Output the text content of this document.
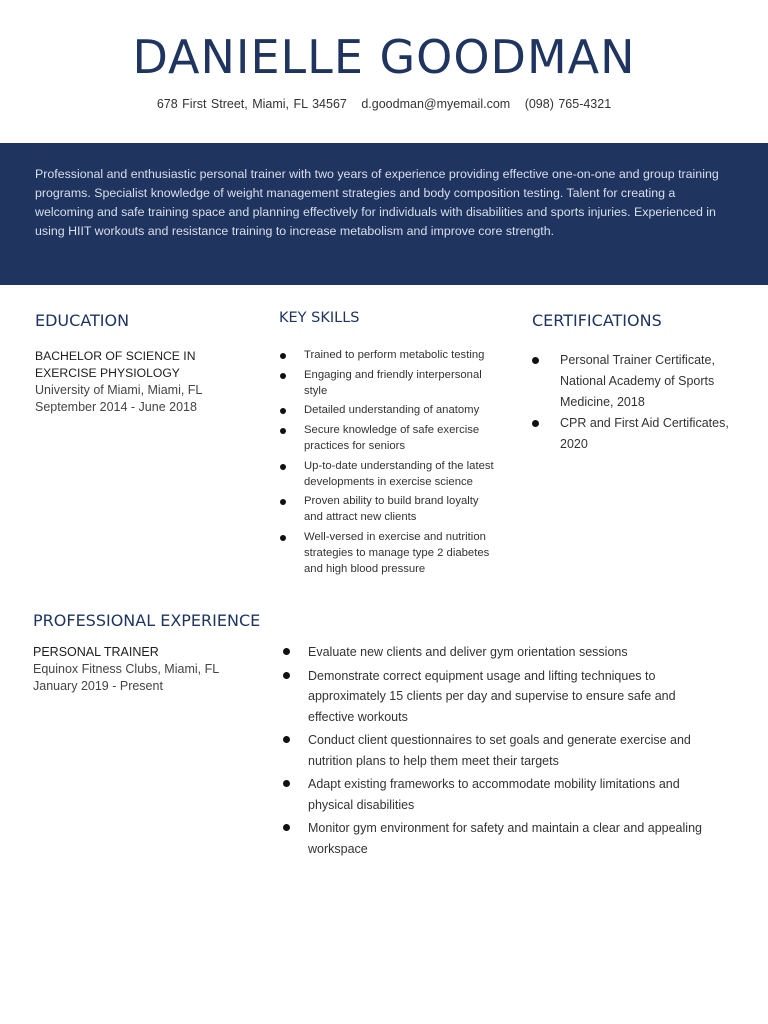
DANIELLE GOODMAN
678 First Street, Miami, FL 34567 d.goodman@myemail.com (098) 765-4321
Professional and enthusiastic personal trainer with two years of experience providing effective one-on-one and group training programs. Specialist knowledge of weight management strategies and body composition testing. Talent for creating a welcoming and safe training space and planning effectively for individuals with disabilities and sports injuries. Experienced in using HIIT workouts and resistance training to increase metabolism and improve core strength.
EDUCATION	KEY SKILLS	CERTIFICATIONS
BACHELOR OF SCIENCE IN EXERCISE PHYSIOLOGY
University of Miami, Miami, FL
September 2014 - June 2018
Trained to perform metabolic testing
Engaging and friendly interpersonal style
Detailed understanding of anatomy
Secure knowledge of safe exercise practices for seniors
Up-to-date understanding of the latest developments in exercise science
Proven ability to build brand loyalty and attract new clients
Well-versed in exercise and nutrition strategies to manage type 2 diabetes and high blood pressure
Personal Trainer Certificate, National Academy of Sports Medicine, 2018
CPR and First Aid Certificates, 2020
PROFESSIONAL EXPERIENCE
PERSONAL TRAINER
Equinox Fitness Clubs, Miami, FL
January 2019 - Present
Evaluate new clients and deliver gym orientation sessions
Demonstrate correct equipment usage and lifting techniques to approximately 15 clients per day and supervise to ensure safe and effective workouts
Conduct client questionnaires to set goals and generate exercise and nutrition plans to help them meet their targets
Adapt existing frameworks to accommodate mobility limitations and physical disabilities
Monitor gym environment for safety and maintain a clear and appealing workspace
